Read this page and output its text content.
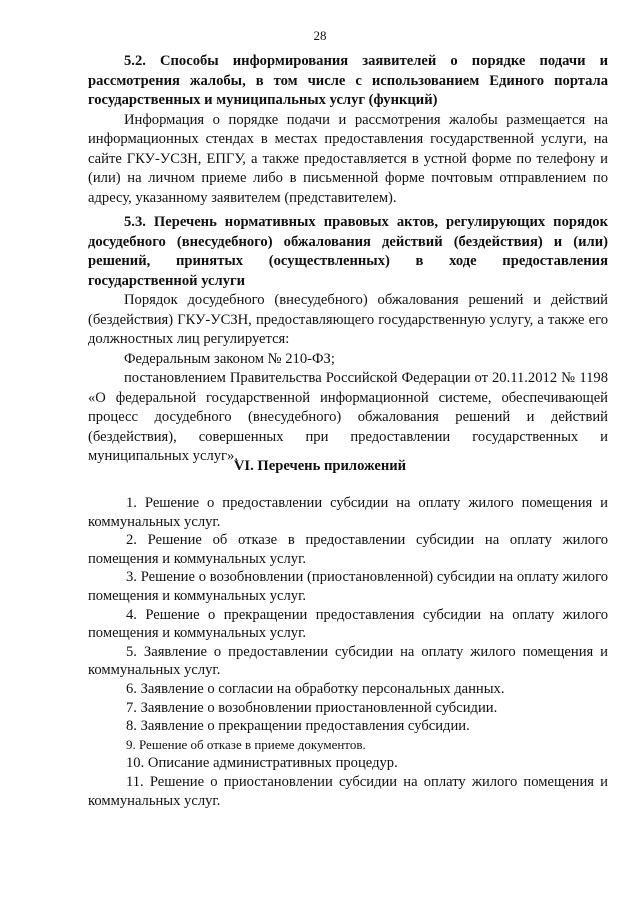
28

5.2. Способы информирования заявителей о порядке подачи и рассмотрения жалобы, в том числе с использованием Единого портала государственных и муниципальных услуг (функций)

Информация о порядке подачи и рассмотрения жалобы размещается на информационных стендах в местах предоставления государственной услуги, на сайте ГКУ-УСЗН, ЕПГУ, а также предоставляется в устной форме по телефону и (или) на личном приеме либо в письменной форме почтовым отправлением по адресу, указанному заявителем (представителем).

5.3. Перечень нормативных правовых актов, регулирующих порядок досудебного (внесудебного) обжалования действий (бездействия) и (или) решений, принятых (осуществленных) в ходе предоставления государственной услуги

Порядок досудебного (внесудебного) обжалования решений и действий (бездействия) ГКУ-УСЗН, предоставляющего государственную услугу, а также его должностных лиц регулируется:

Федеральным законом № 210-ФЗ;

постановлением Правительства Российской Федерации от 20.11.2012 № 1198 «О федеральной государственной информационной системе, обеспечивающей процесс досудебного (внесудебного) обжалования решений и действий (бездействия), совершенных при предоставлении государственных и муниципальных услуг».

VI. Перечень приложений
1. Решение о предоставлении субсидии на оплату жилого помещения и коммунальных услуг.
2. Решение об отказе в предоставлении субсидии на оплату жилого помещения и коммунальных услуг.
3. Решение о возобновлении (приостановленной) субсидии на оплату жилого помещения и коммунальных услуг.
4. Решение о прекращении предоставления субсидии на оплату жилого помещения и коммунальных услуг.
5. Заявление о предоставлении субсидии на оплату жилого помещения и коммунальных услуг.
6. Заявление о согласии на обработку персональных данных.
7. Заявление о возобновлении приостановленной субсидии.
8. Заявление о прекращении предоставления субсидии.
9. Решение об отказе в приеме документов.
10. Описание административных процедур.
11. Решение о приостановлении субсидии на оплату жилого помещения и коммунальных услуг.
